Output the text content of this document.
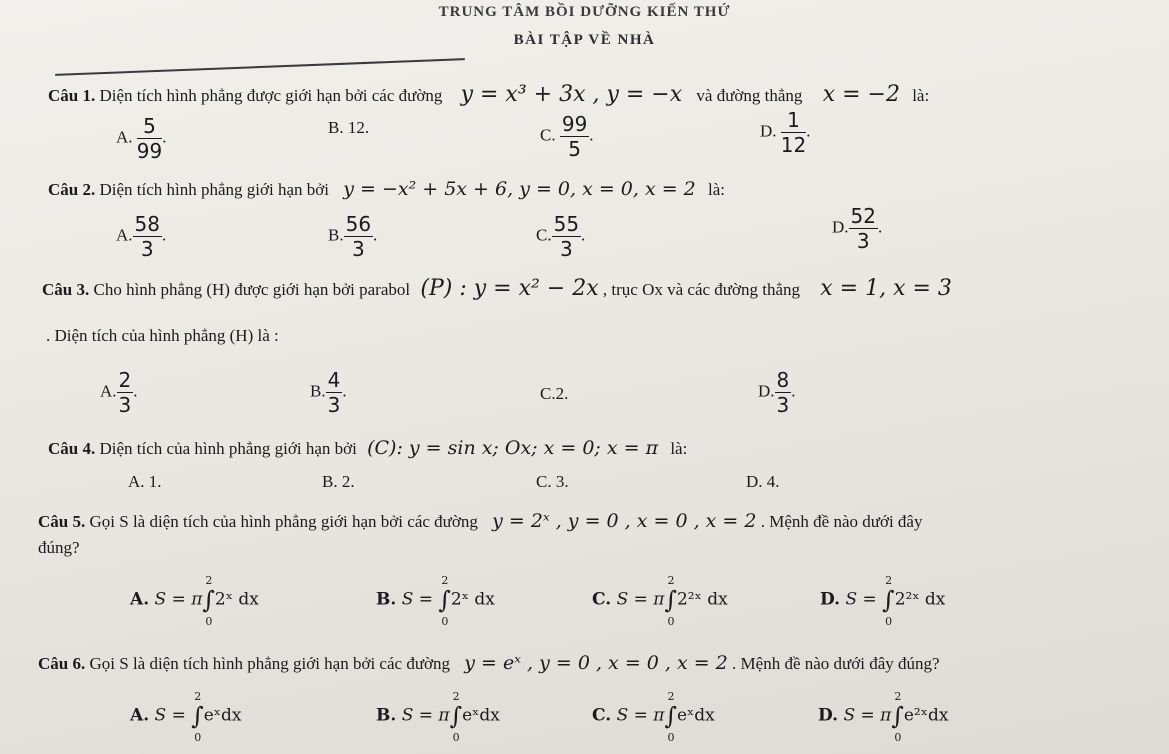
TRUNG TÂM BỒI DƯỠNG KIẾN THỨ
BÀI TẬP VỀ NHÀ
Câu 1. Diện tích hình phẳng được giới hạn bởi các đường y = x³ + 3x , y = −x và đường thẳng x = −2 là:
A. $\frac{5}{99}$ .	B. 12.	C. $\frac{99}{5}$ .	D. $\frac{1}{12}$ .
Câu 2. Diện tích hình phẳng giới hạn bởi y = −x² + 5x + 6, y = 0, x = 0, x = 2 là:
A. $\frac{58}{3}$ .	B. $\frac{56}{3}$ .	C. $\frac{55}{3}$ .	D. $\frac{52}{3}$ .
Câu 3. Cho hình phẳng (H) được giới hạn bởi parabol (P) : y = x² − 2x , trục Ox và các đường thẳng x = 1, x = 3
. Diện tích của hình phẳng (H) là :
A. $\frac{2}{3}$ .	B. $\frac{4}{3}$ .	C.2.	D. $\frac{8}{3}$ .
Câu 4. Diện tích của hình phẳng giới hạn bởi (C): y = sin x; Ox; x = 0; x = π là:
A. 1.	B. 2.	C. 3.	D. 4.
Câu 5. Gọi S là diện tích của hình phẳng giới hạn bởi các đường y = 2ˣ , y = 0 , x = 0 , x = 2 . Mệnh đề nào dưới đây
đúng?
A. S = π∫
2
0
2ˣ dx	B. S = ∫
2
0
2ˣ dx	C. S = π∫
2
0
2²ˣ dx	D. S = ∫
2
0
2²ˣ dx
Câu 6. Gọi S là diện tích hình phẳng giới hạn bởi các đường y = eˣ , y = 0 , x = 0 , x = 2 . Mệnh đề nào dưới đây đúng?
A. S = ∫
2
0
eˣdx	B. S = π∫
2
0
eˣdx	C. S = π∫
2
0
eˣdx	D. S = π∫
2
0
e²ˣdx
